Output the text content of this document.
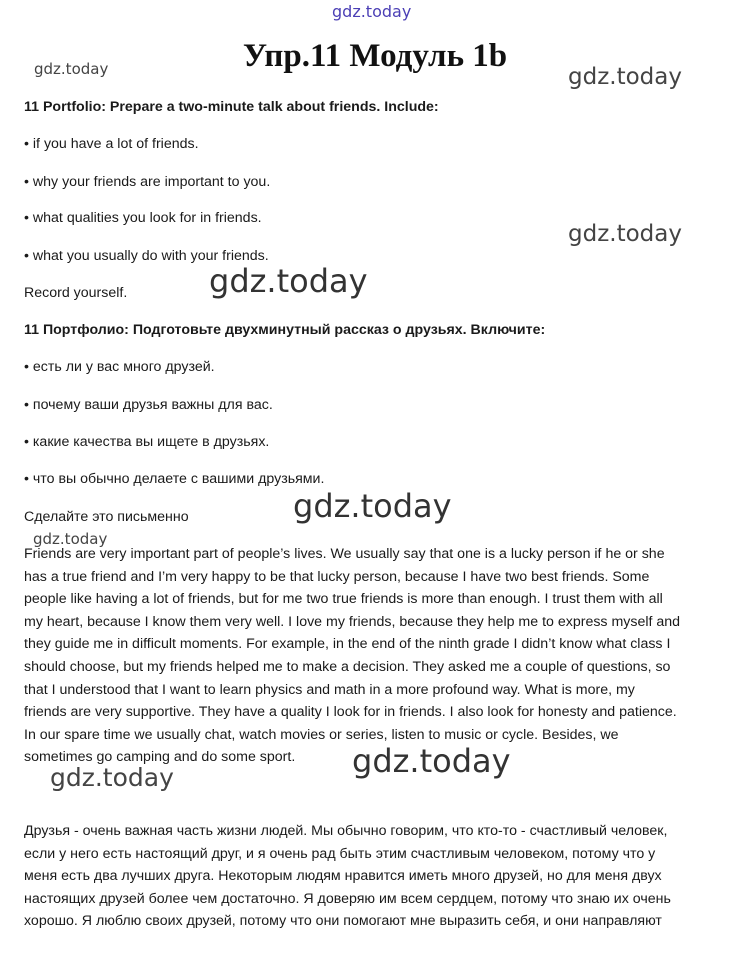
gdz.today
gdz.today	gdz.today
gdz.today
gdz.today
gdz.today
gdz.today
gdz.today	gdz.today
Упр.11 Модуль 1b
11 Portfolio: Prepare a two-minute talk about friends. Include:
• if you have a lot of friends.
• why your friends are important to you.
• what qualities you look for in friends.
• what you usually do with your friends.
Record yourself.
11 Портфолио: Подготовьте двухминутный рассказ о друзьях. Включите:
• есть ли у вас много друзей.
• почему ваши друзья важны для вас.
• какие качества вы ищете в друзьях.
• что вы обычно делаете с вашими друзьями.
Сделайте это письменно
Friends are very important part of people’s lives. We usually say that one is a lucky person if he or she
has a true friend and I’m very happy to be that lucky person, because I have two best friends. Some
people like having a lot of friends, but for me two true friends is more than enough. I trust them with all
my heart, because I know them very well. I love my friends, because they help me to express myself and
they guide me in difficult moments. For example, in the end of the ninth grade I didn’t know what class I
should choose, but my friends helped me to make a decision. They asked me a couple of questions, so
that I understood that I want to learn physics and math in a more profound way. What is more, my
friends are very supportive. They have a quality I look for in friends. I also look for honesty and patience.
In our spare time we usually chat, watch movies or series, listen to music or cycle. Besides, we
sometimes go camping and do some sport.
Друзья - очень важная часть жизни людей. Мы обычно говорим, что кто-то - счастливый человек,
если у него есть настоящий друг, и я очень рад быть этим счастливым человеком, потому что у
меня есть два лучших друга. Некоторым людям нравится иметь много друзей, но для меня двух
настоящих друзей более чем достаточно. Я доверяю им всем сердцем, потому что знаю их очень
хорошо. Я люблю своих друзей, потому что они помогают мне выразить себя, и они направляют
